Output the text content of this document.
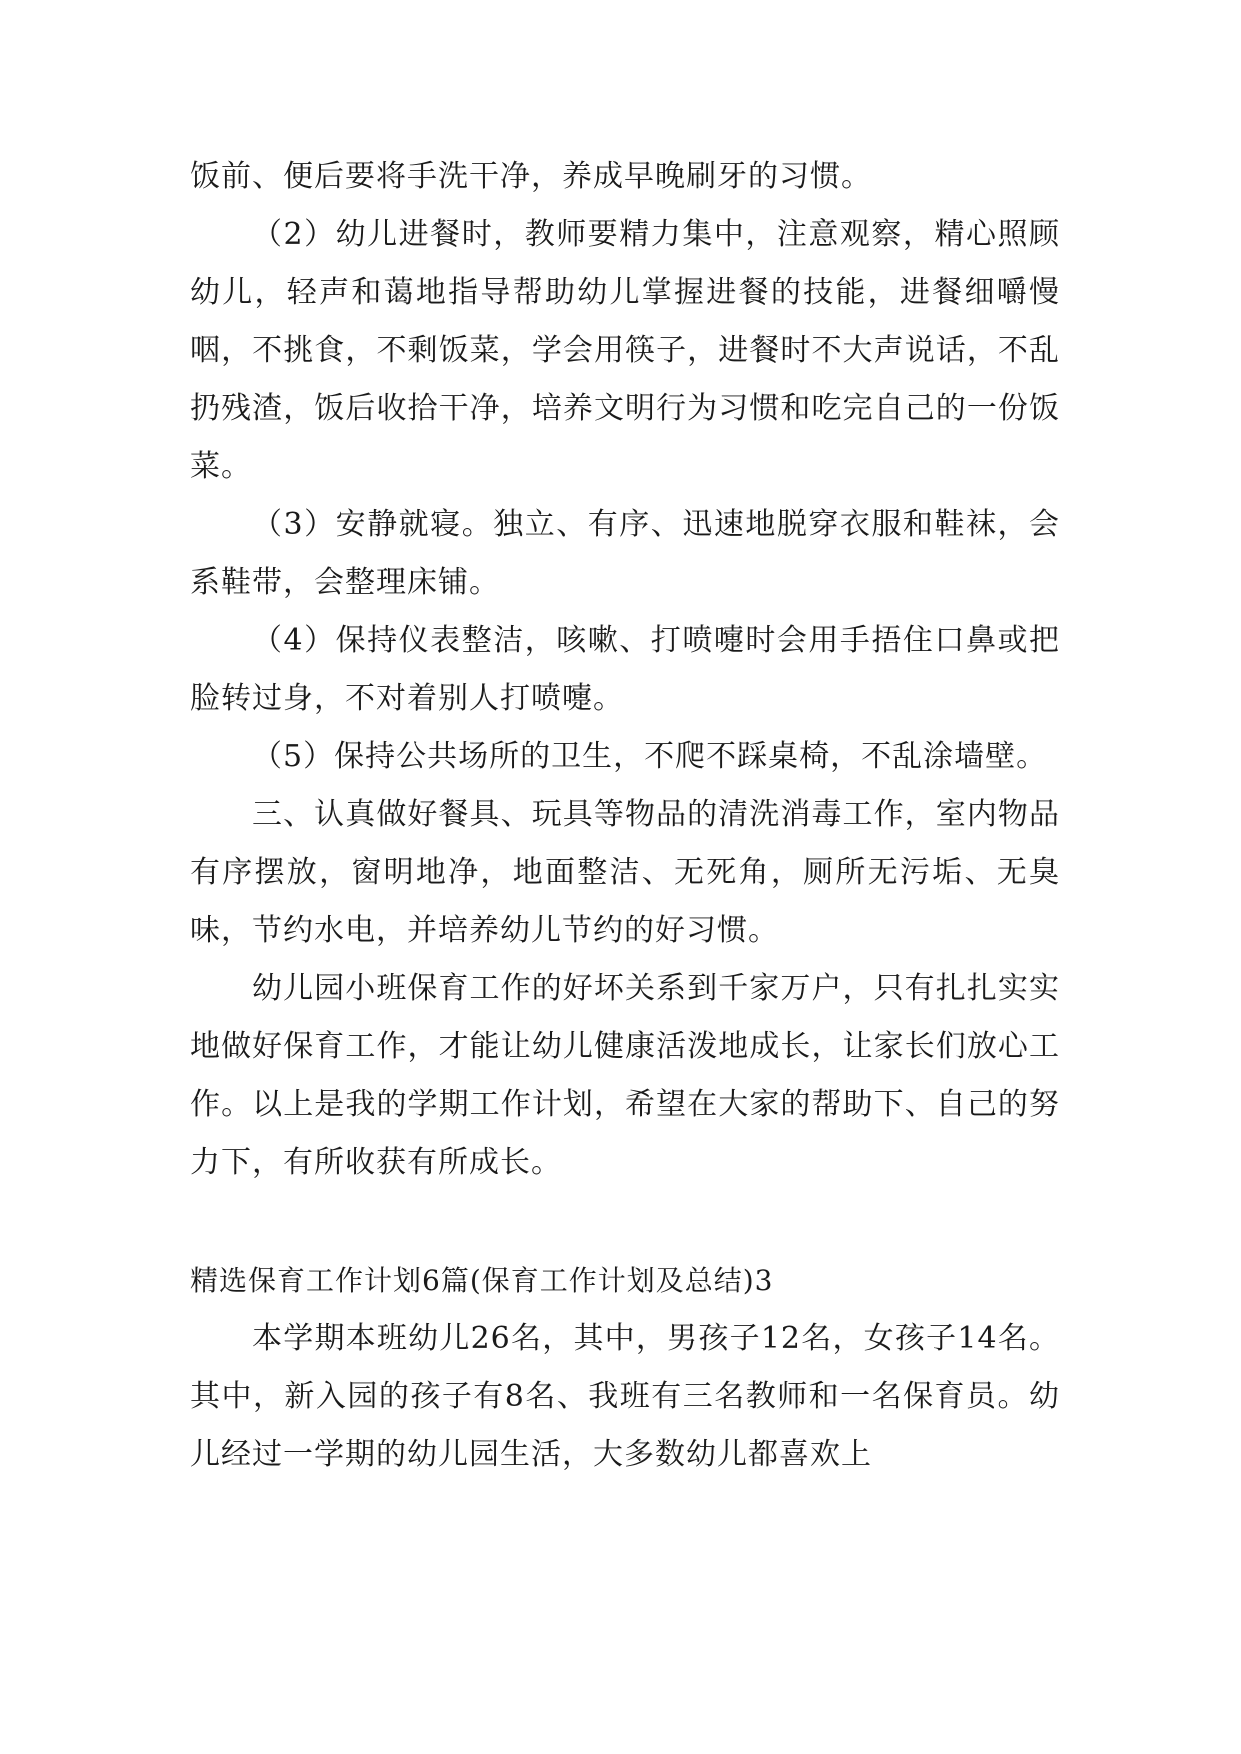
饭前、便后要将手洗干净，养成早晚刷牙的习惯。

（2）幼儿进餐时，教师要精力集中，注意观察，精心照顾幼儿，轻声和蔼地指导帮助幼儿掌握进餐的技能，进餐细嚼慢咽，不挑食，不剩饭菜，学会用筷子，进餐时不大声说话，不乱扔残渣，饭后收拾干净，培养文明行为习惯和吃完自己的一份饭菜。

（3）安静就寝。独立、有序、迅速地脱穿衣服和鞋袜，会系鞋带，会整理床铺。

（4）保持仪表整洁，咳嗽、打喷嚏时会用手捂住口鼻或把脸转过身，不对着别人打喷嚏。

（5）保持公共场所的卫生，不爬不踩桌椅，不乱涂墙壁。

三、认真做好餐具、玩具等物品的清洗消毒工作，室内物品有序摆放，窗明地净，地面整洁、无死角，厕所无污垢、无臭味，节约水电，并培养幼儿节约的好习惯。

幼儿园小班保育工作的好坏关系到千家万户，只有扎扎实实地做好保育工作，才能让幼儿健康活泼地成长，让家长们放心工作。以上是我的学期工作计划，希望在大家的帮助下、自己的努力下，有所收获有所成长。

精选保育工作计划6篇(保育工作计划及总结)3

本学期本班幼儿26名，其中，男孩子12名，女孩子14名。其中，新入园的孩子有8名、我班有三名教师和一名保育员。幼儿经过一学期的幼儿园生活，大多数幼儿都喜欢上
